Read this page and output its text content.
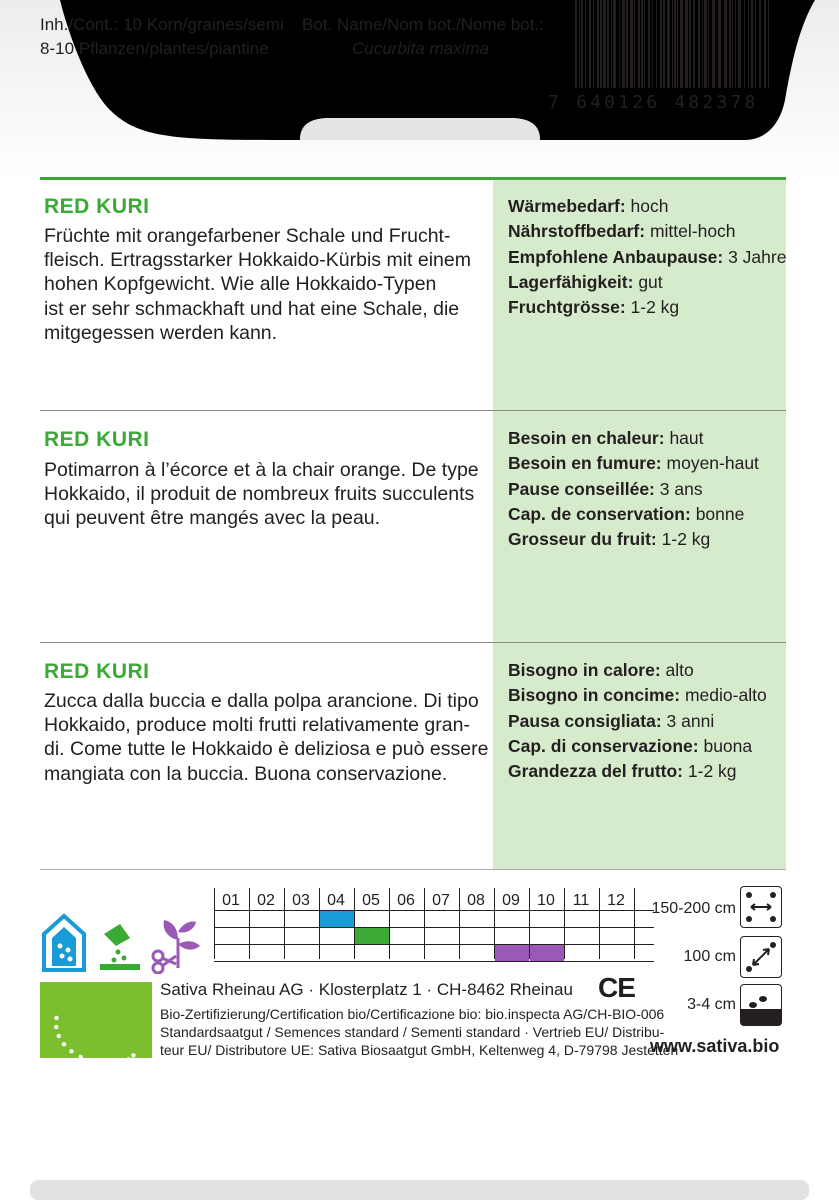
Inh./Cont.: 10 Korn/graines/semi
8-10 Pflanzen/plantes/piantine
Bot. Name/Nom bot./Nome bot.:
Cucurbita maxima
7 640126 482378
RED KURI
Früchte mit orangefarbener Schale und Frucht-
fleisch. Ertragsstarker Hokkaido-Kürbis mit einem
hohen Kopfgewicht. Wie alle Hokkaido-Typen
ist er sehr schmackhaft und hat eine Schale, die
mitgegessen werden kann.
Wärmebedarf: hoch
Nährstoffbedarf: mittel-hoch
Empfohlene Anbaupause: 3 Jahre
Lagerfähigkeit: gut
Fruchtgrösse: 1-2 kg
RED KURI
Potimarron à l’écorce et à la chair orange. De type
Hokkaido, il produit de nombreux fruits succulents
qui peuvent être mangés avec la peau.
Besoin en chaleur: haut
Besoin en fumure: moyen-haut
Pause conseillée: 3 ans
Cap. de conservation: bonne
Grosseur du fruit: 1-2 kg
RED KURI
Zucca dalla buccia e dalla polpa arancione. Di tipo
Hokkaido, produce molti frutti relativamente gran-
di. Come tutte le Hokkaido è deliziosa e può essere
mangiata con la buccia. Buona conservazione.
Bisogno in calore: alto
Bisogno in concime: medio-alto
Pausa consigliata: 3 anni
Cap. di conservazione: buona
Grandezza del frutto: 1-2 kg
01	02	03	04	05	06	07	08	09	10	11	12	150-200 cm
100 cm
3-4 cm
Sativa Rheinau AG · Klosterplatz 1 · CH-8462 Rheinau CE
Bio-Zertifizierung/Certification bio/Certificazione bio: bio.inspecta AG/CH-BIO-006
Standardsaatgut / Semences standard / Sementi standard · Vertrieb EU/ Distribu-
teur EU/ Distributore UE: Sativa Biosaatgut GmbH, Keltenweg 4, D-79798 Jestetten
www.sativa.bio
